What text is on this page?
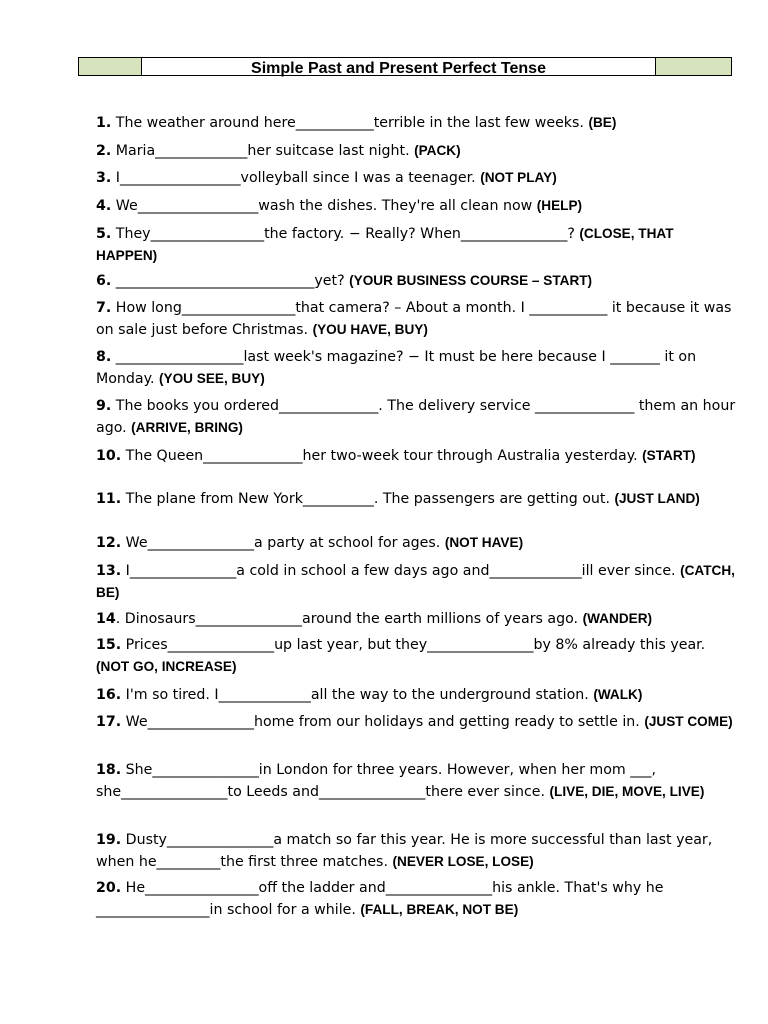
Simple Past and Present Perfect Tense
1. The weather around here___________terrible in the last few weeks. (BE)
2. Maria_____________her suitcase last night. (PACK)
3. I_________________volleyball since I was a teenager. (NOT PLAY)
4. We_________________wash the dishes. They're all clean now (HELP)
5. They________________the factory. − Really? When_______________? (CLOSE, THAT HAPPEN)
6. ____________________________yet? (YOUR BUSINESS COURSE – START)
7. How long________________that camera? – About a month. I ___________ it because it was on sale just before Christmas. (YOU HAVE, BUY)
8. __________________last week's magazine? − It must be here because I _______ it on Monday. (YOU SEE, BUY)
9. The books you ordered______________. The delivery service ______________ them an hour ago. (ARRIVE, BRING)
10. The Queen______________her two-week tour through Australia yesterday. (START)
11. The plane from New York__________. The passengers are getting out. (JUST LAND)
12. We_______________a party at school for ages. (NOT HAVE)
13. I_______________a cold in school a few days ago and_____________ill ever since. (CATCH, BE)
14. Dinosaurs_______________around the earth millions of years ago. (WANDER)
15. Prices_______________up last year, but they_______________by 8% already this year. (NOT GO, INCREASE)
16. I'm so tired. I_____________all the way to the underground station. (WALK)
17. We_______________home from our holidays and getting ready to settle in. (JUST COME)
18. She_______________in London for three years. However, when her mom ___, she_______________to Leeds and_______________there ever since. (LIVE, DIE, MOVE, LIVE)
19. Dusty_______________a match so far this year. He is more successful than last year, when he_________the first three matches. (NEVER LOSE, LOSE)
20. He________________off the ladder and_______________his ankle. That's why he ________________in school for a while. (FALL, BREAK, NOT BE)
